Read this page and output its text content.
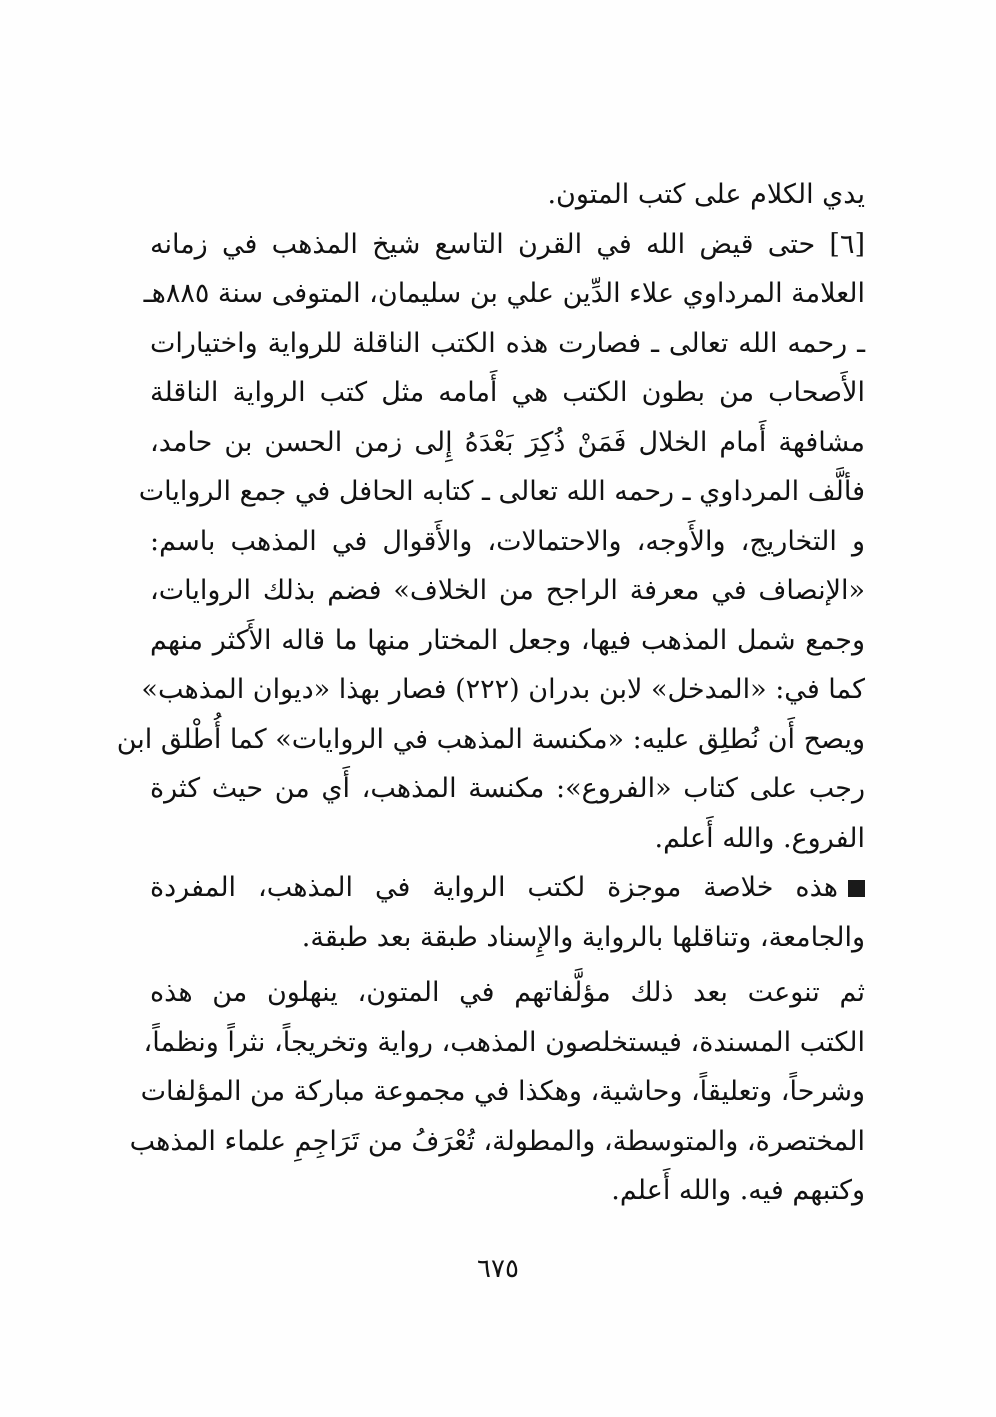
يدي الكلام على كتب المتون.
[٦] حتى قيض الله في القرن التاسع شيخ المذهب في زمانه
العلامة المرداوي علاء الدِّين علي بن سليمان، المتوفى سنة ٨٨٥هـ
ـ رحمه الله تعالى ـ فصارت هذه الكتب الناقلة للرواية واختيارات
الأَصحاب من بطون الكتب هي أَمامه مثل كتب الرواية الناقلة
مشافهة أَمام الخلال فَمَنْ ذُكِرَ بَعْدَهُ إِلى زمن الحسن بن حامد،
فألَّف المرداوي ـ رحمه الله تعالى ـ كتابه الحافل في جمع الروايات
و التخاريج، والأَوجه، والاحتمالات، والأَقوال في المذهب باسم:
«الإنصاف في معرفة الراجح من الخلاف» فضم بذلك الروايات،
وجمع شمل المذهب فيها، وجعل المختار منها ما قاله الأَكثر منهم
كما في: «المدخل» لابن بدران (٢٢٢) فصار بهذا «ديوان المذهب»
ويصح أَن نُطلِق عليه: «مكنسة المذهب في الروايات» كما أُطْلق ابن
رجب على كتاب «الفروع»: مكنسة المذهب، أَي من حيث كثرة
الفروع. والله أَعلم.
هذه خلاصة موجزة لكتب الرواية في المذهب، المفردة
والجامعة، وتناقلها بالرواية والإِسناد طبقة بعد طبقة.
ثم تنوعت بعد ذلك مؤلَّفاتهم في المتون، ينهلون من هذه
الكتب المسندة، فيستخلصون المذهب، رواية وتخريجاً، نثراً ونظماً،
وشرحاً، وتعليقاً، وحاشية، وهكذا في مجموعة مباركة من المؤلفات
المختصرة، والمتوسطة، والمطولة، تُعْرَفُ من تَرَاجِمِ علماء المذهب
وكتبهم فيه. والله أَعلم.
٦٧٥
